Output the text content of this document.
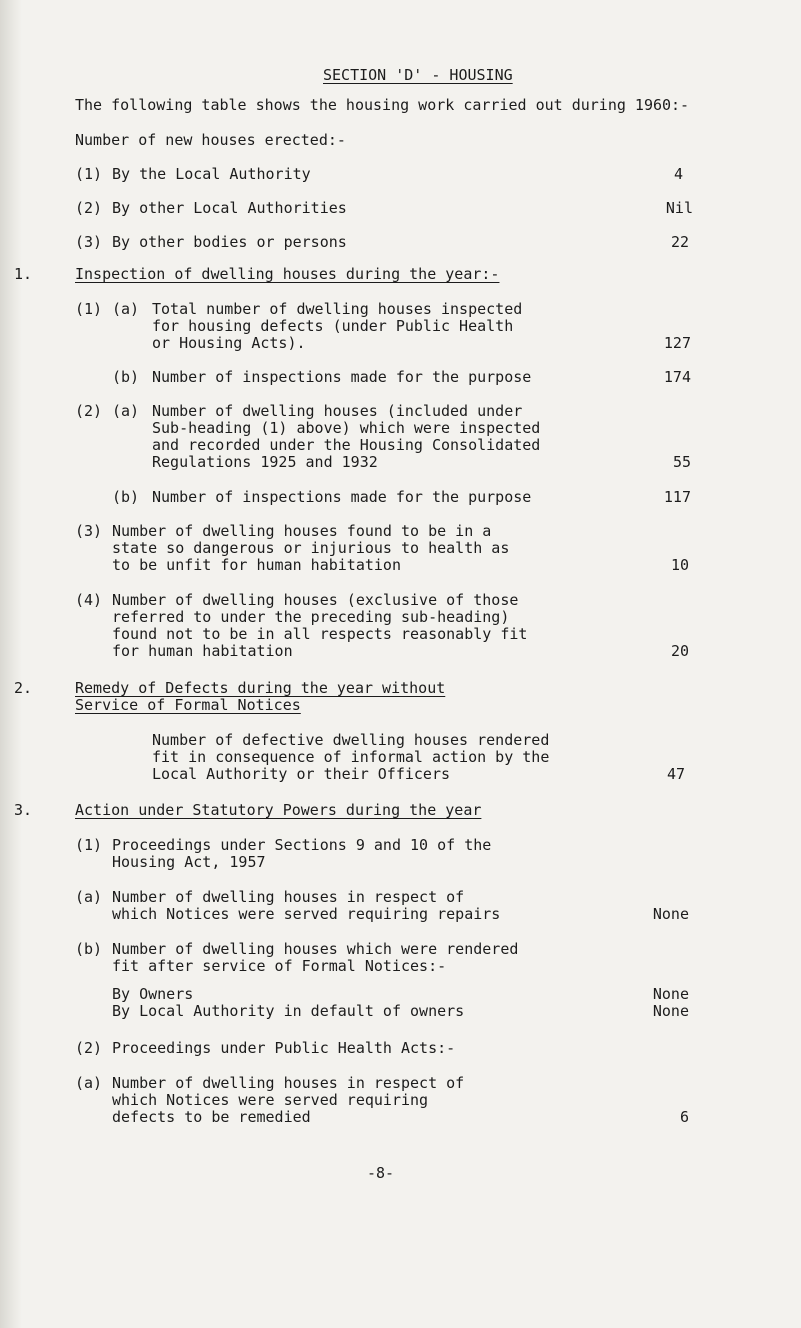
SECTION 'D' - HOUSING
The following table shows the housing work carried out during 1960:-
Number of new houses erected:-
(1) By the Local Authority	4
(2) By other Local Authorities	Nil
(3) By other bodies or persons	22
1.	Inspection of dwelling houses during the year:-
(1) (a) Total number of dwelling houses inspected
for housing defects (under Public Health
or Housing Acts).	127
(b) Number of inspections made for the purpose	174
(2) (a) Number of dwelling houses (included under
Sub-heading (1) above) which were inspected
and recorded under the Housing Consolidated
Regulations 1925 and 1932	55
(b) Number of inspections made for the purpose	117
(3) Number of dwelling houses found to be in a
state so dangerous or injurious to health as
to be unfit for human habitation	10
(4) Number of dwelling houses (exclusive of those
referred to under the preceding sub-heading)
found not to be in all respects reasonably fit
for human habitation	20
2.	Remedy of Defects during the year without
Service of Formal Notices
Number of defective dwelling houses rendered
fit in consequence of informal action by the
Local Authority or their Officers	47
3.	Action under Statutory Powers during the year
(1) Proceedings under Sections 9 and 10 of the
Housing Act, 1957
(a) Number of dwelling houses in respect of
which Notices were served requiring repairs	None
(b) Number of dwelling houses which were rendered
fit after service of Formal Notices:-
By Owners	None
By Local Authority in default of owners	None
(2) Proceedings under Public Health Acts:-
(a) Number of dwelling houses in respect of
which Notices were served requiring
defects to be remedied	6
-8-
